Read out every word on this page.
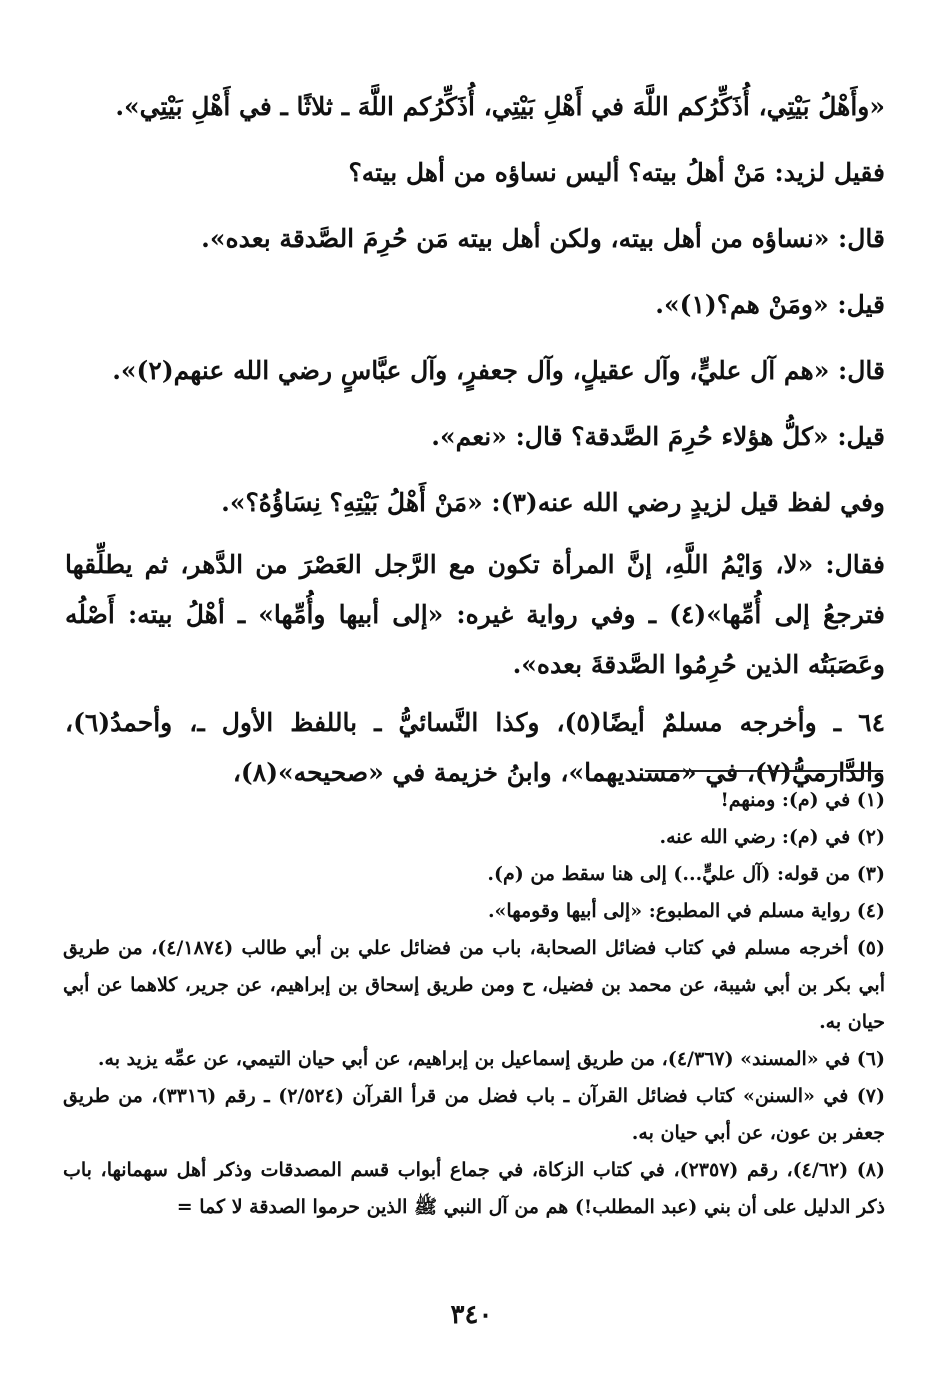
«وأَهْلُ بَيْتِي، أُذَكِّرُكم اللَّهَ في أَهْلِ بَيْتِي، أُذَكِّرُكم اللَّهَ ـ ثلاثًا ـ في أَهْلِ بَيْتِي».

فقيل لزيد: مَنْ أهلُ بيته؟ أليس نساؤه من أهل بيته؟

قال: «نساؤه من أهل بيته، ولكن أهل بيته مَن حُرِمَ الصَّدقة بعده».

قيل: «ومَنْ هم؟(١)».

قال: «هم آل عليٍّ، وآل عقيلٍ، وآل جعفرٍ، وآل عبَّاسٍ رضي الله عنهم(٢)».

قيل: «كلُّ هؤلاء حُرِمَ الصَّدقة؟ قال: «نعم».

وفي لفظ قيل لزيدٍ رضي الله عنه(٣): «مَنْ أَهْلُ بَيْتِهِ؟ نِسَاؤُهُ؟».

فقال: «لا، وَايْمُ اللَّهِ، إنَّ المرأة تكون مع الرَّجل العَصْرَ من الدَّهر، ثم يطلِّقها فترجعُ إلى أُمِّها»(٤) ـ وفي رواية غيره: «إلى أبيها وأُمِّها» ـ أهْلُ بيته: أَصْلُه وعَصَبَتُه الذين حُرِمُوا الصَّدقةَ بعده».

٦٤ ـ وأخرجه مسلمٌ أيضًا(٥)، وكذا النَّسائيُّ ـ باللفظ الأول ـ، وأحمدُ(٦)، والدَّارميُّ(٧)، في «مسنديهما»، وابنُ خزيمة في «صحيحه»(٨)،

(١) في (م): ومنهم!

(٢) في (م): رضي الله عنه.

(٣) من قوله: (آل عليٍّ...) إلى هنا سقط من (م).

(٤) رواية مسلم في المطبوع: «إلى أبيها وقومها».

(٥) أخرجه مسلم في كتاب فضائل الصحابة، باب من فضائل علي بن أبي طالب (٤/١٨٧٤)، من طريق أبي بكر بن أبي شيبة، عن محمد بن فضيل، ح ومن طريق إسحاق بن إبراهيم، عن جرير، كلاهما عن أبي حيان به.

(٦) في «المسند» (٤/٣٦٧)، من طريق إسماعيل بن إبراهيم، عن أبي حيان التيمي، عن عمِّه يزيد به.

(٧) في «السنن» كتاب فضائل القرآن ـ باب فضل من قرأ القرآن (٢/٥٢٤) ـ رقم (٣٣١٦)، من طريق جعفر بن عون، عن أبي حيان به.

(٨) (٤/٦٢)، رقم (٢٣٥٧)، في كتاب الزكاة، في جماع أبواب قسم المصدقات وذكر أهل سهمانها، باب ذكر الدليل على أن بني (عبد المطلب!) هم من آل النبي ﷺ الذين حرموا الصدقة لا كما =

٣٤٠
